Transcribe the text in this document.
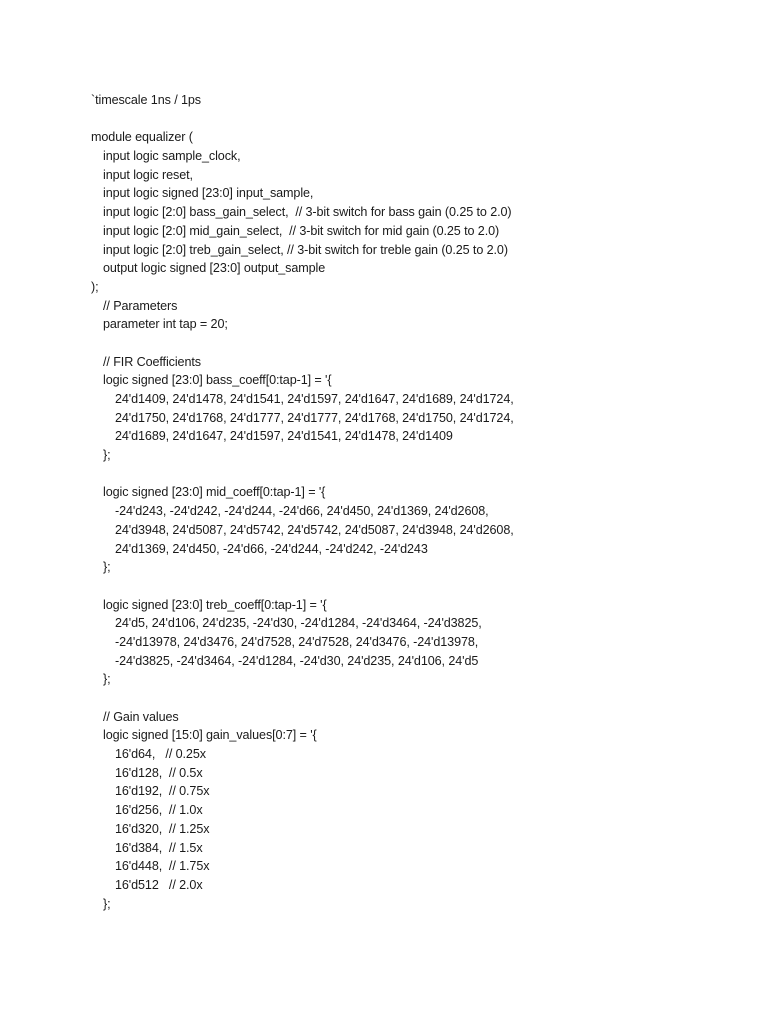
`timescale 1ns / 1ps
module equalizer (
input logic sample_clock,
input logic reset,
input logic signed [23:0] input_sample,
input logic [2:0] bass_gain_select,  // 3-bit switch for bass gain (0.25 to 2.0)
input logic [2:0] mid_gain_select,  // 3-bit switch for mid gain (0.25 to 2.0)
input logic [2:0] treb_gain_select, // 3-bit switch for treble gain (0.25 to 2.0)
output logic signed [23:0] output_sample
);
// Parameters
parameter int tap = 20;
// FIR Coefficients
logic signed [23:0] bass_coeff[0:tap-1] = '{
24'd1409, 24'd1478, 24'd1541, 24'd1597, 24'd1647, 24'd1689, 24'd1724,
24'd1750, 24'd1768, 24'd1777, 24'd1777, 24'd1768, 24'd1750, 24'd1724,
24'd1689, 24'd1647, 24'd1597, 24'd1541, 24'd1478, 24'd1409
};
logic signed [23:0] mid_coeff[0:tap-1] = '{
-24'd243, -24'd242, -24'd244, -24'd66, 24'd450, 24'd1369, 24'd2608,
24'd3948, 24'd5087, 24'd5742, 24'd5742, 24'd5087, 24'd3948, 24'd2608,
24'd1369, 24'd450, -24'd66, -24'd244, -24'd242, -24'd243
};
logic signed [23:0] treb_coeff[0:tap-1] = '{
24'd5, 24'd106, 24'd235, -24'd30, -24'd1284, -24'd3464, -24'd3825,
-24'd13978, 24'd3476, 24'd7528, 24'd7528, 24'd3476, -24'd13978,
-24'd3825, -24'd3464, -24'd1284, -24'd30, 24'd235, 24'd106, 24'd5
};
// Gain values
logic signed [15:0] gain_values[0:7] = '{
16'd64,   // 0.25x
16'd128,  // 0.5x
16'd192,  // 0.75x
16'd256,  // 1.0x
16'd320,  // 1.25x
16'd384,  // 1.5x
16'd448,  // 1.75x
16'd512   // 2.0x
};
